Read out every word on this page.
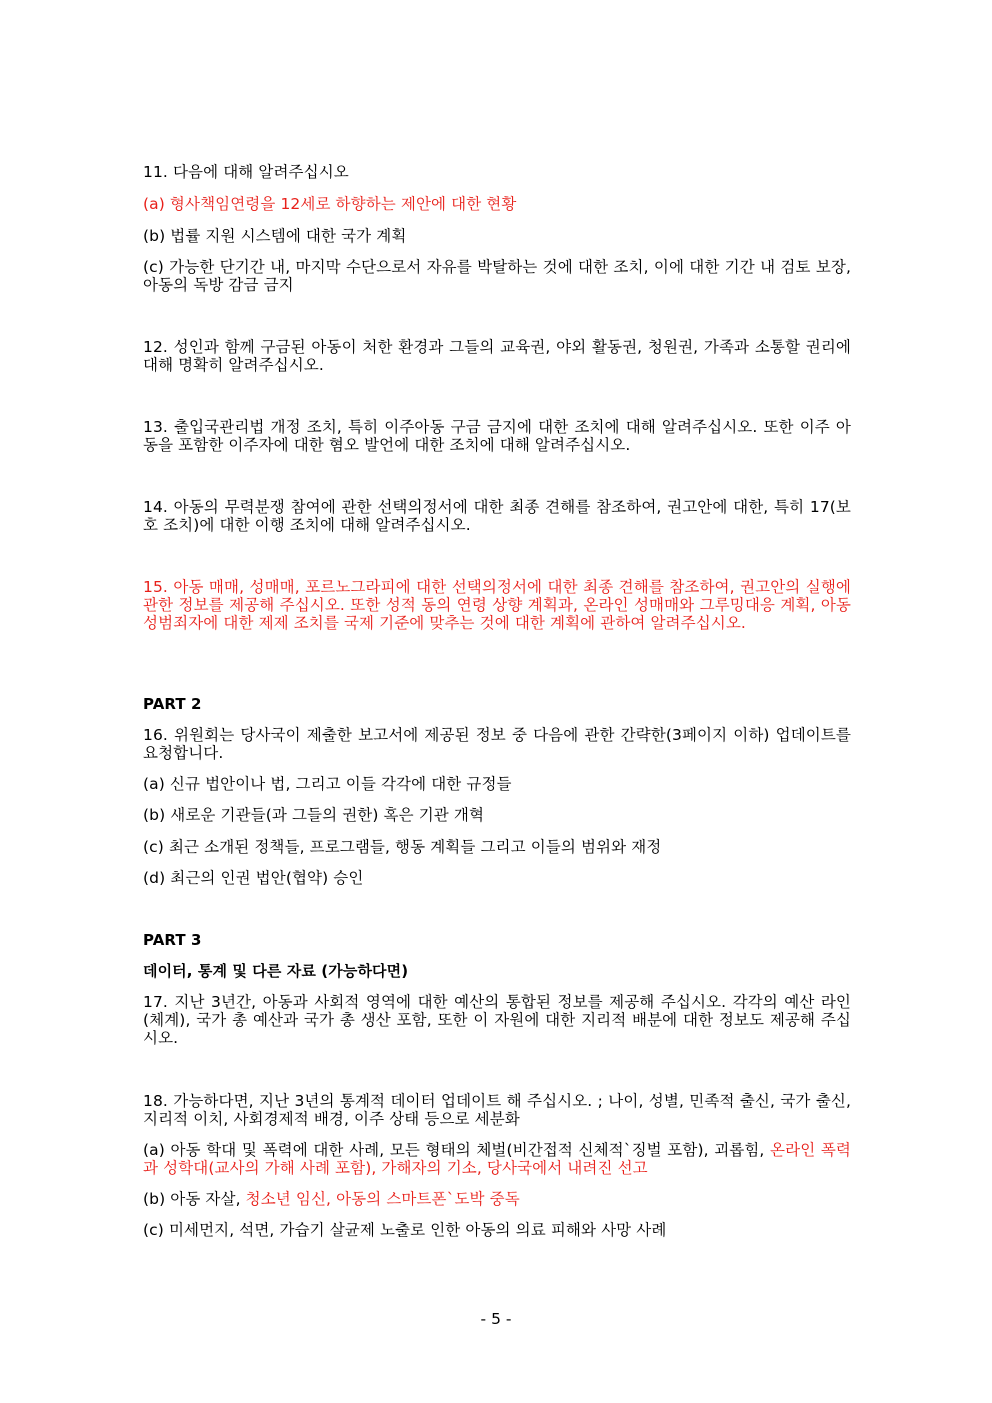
11. 다음에 대해 알려주십시오

(a) 형사책임연령을 12세로 하향하는 제안에 대한 현황

(b) 법률 지원 시스템에 대한 국가 계획

(c) 가능한 단기간 내, 마지막 수단으로서 자유를 박탈하는 것에 대한 조치, 이에 대한 기간 내 검토 보장, 아동의 독방 감금 금지

12. 성인과 함께 구금된 아동이 처한 환경과 그들의 교육권, 야외 활동권, 청원권, 가족과 소통할 권리에 대해 명확히 알려주십시오.

13. 출입국관리법 개정 조치, 특히 이주아동 구금 금지에 대한 조치에 대해 알려주십시오. 또한 이주 아동을 포함한 이주자에 대한 혐오 발언에 대한 조치에 대해 알려주십시오.

14. 아동의 무력분쟁 참여에 관한 선택의정서에 대한 최종 견해를 참조하여, 권고안에 대한, 특히 17(보호 조치)에 대한 이행 조치에 대해 알려주십시오.

15. 아동 매매, 성매매, 포르노그라피에 대한 선택의정서에 대한 최종 견해를 참조하여, 권고안의 실행에 관한 정보를 제공해 주십시오. 또한 성적 동의 연령 상향 계획과, 온라인 성매매와 그루밍대응 계획, 아동성범죄자에 대한 제제 조치를 국제 기준에 맞추는 것에 대한 계획에 관하여 알려주십시오.

PART 2

16. 위원회는 당사국이 제출한 보고서에 제공된 정보 중 다음에 관한 간략한(3페이지 이하) 업데이트를 요청합니다.

(a) 신규 법안이나 법, 그리고 이들 각각에 대한 규정들

(b) 새로운 기관들(과 그들의 권한) 혹은 기관 개혁

(c) 최근 소개된 정책들, 프로그램들, 행동 계획들 그리고 이들의 범위와 재정

(d) 최근의 인권 법안(협약) 승인

PART 3

데이터, 통계 및 다른 자료 (가능하다면)

17. 지난 3년간, 아동과 사회적 영역에 대한 예산의 통합된 정보를 제공해 주십시오. 각각의 예산 라인(체계), 국가 총 예산과 국가 총 생산 포함, 또한 이 자원에 대한 지리적 배분에 대한 정보도 제공해 주십시오.

18. 가능하다면, 지난 3년의 통계적 데이터 업데이트 해 주십시오. ; 나이, 성별, 민족적 출신, 국가 출신, 지리적 이치, 사회경제적 배경, 이주 상태 등으로 세분화

(a) 아동 학대 및 폭력에 대한 사례, 모든 형태의 체벌(비간접적 신체적`징벌 포함), 괴롭힘, 온라인 폭력과 성학대(교사의 가해 사례 포함), 가해자의 기소, 당사국에서 내려진 선고

(b) 아동 자살, 청소년 임신, 아동의 스마트폰`도박 중독

(c) 미세먼지, 석면, 가습기 살균제 노출로 인한 아동의 의료 피해와 사망 사례

- 5 -
